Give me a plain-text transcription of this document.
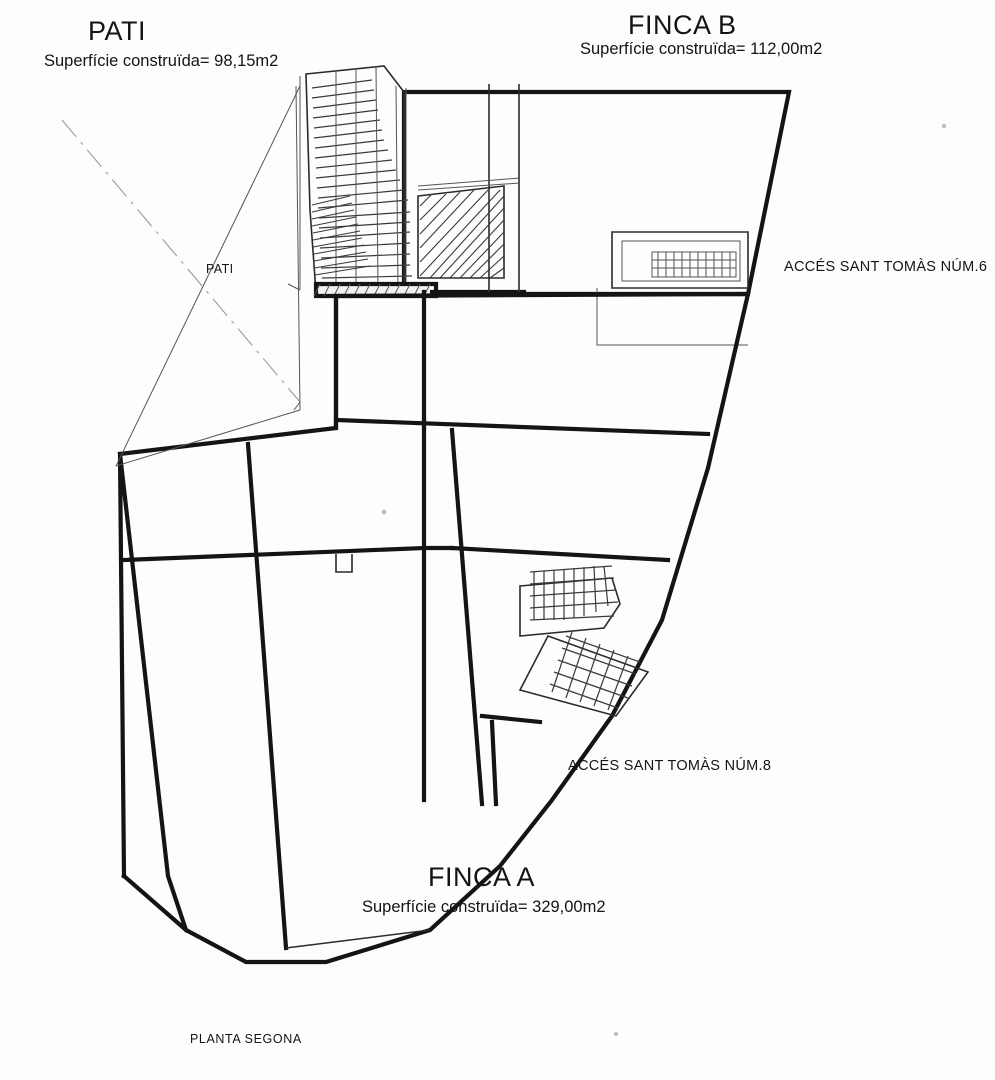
PATI
Superfície construïda= 98,15m2
FINCA B
Superfície construïda= 112,00m2
FINCA A
Superfície construïda= 329,00m2
ACCÉS SANT TOMÀS NÚM.6
ACCÉS SANT TOMÀS NÚM.8
PATI
PLANTA SEGONA
